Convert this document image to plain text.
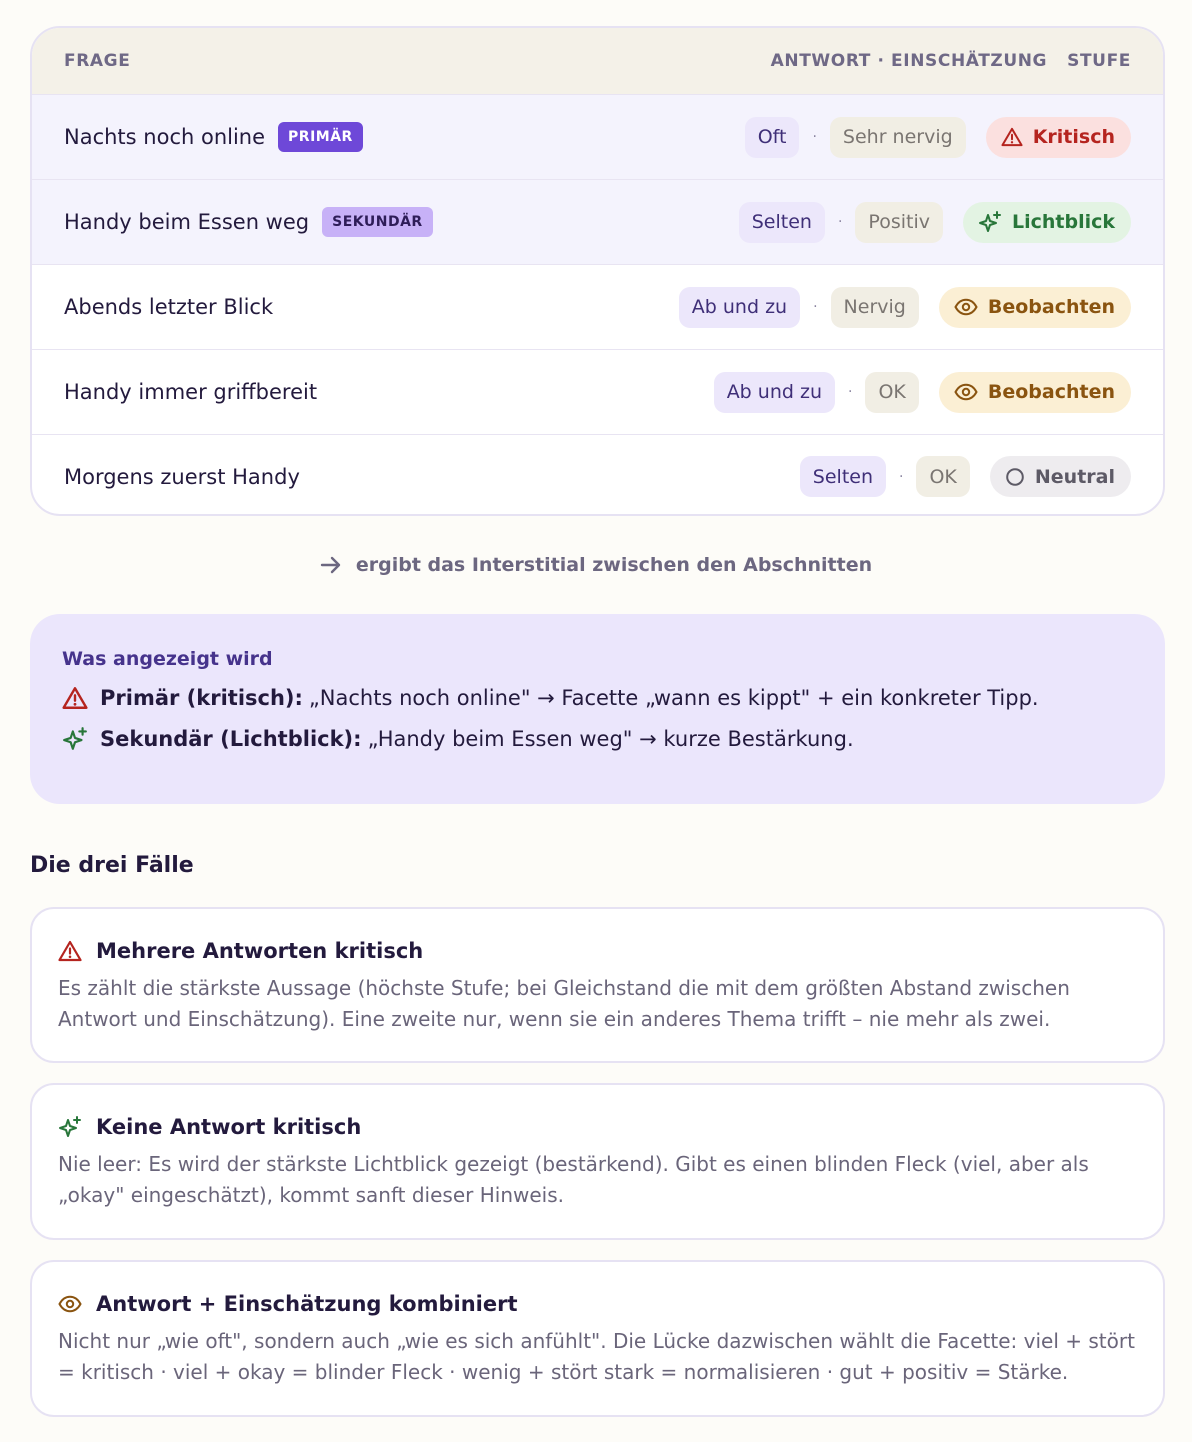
FRAGE	ANTWORT · EINSCHÄTZUNG STUFE
Nachts noch online	PRIMÄR	Oft	·	Sehr nervig	Kritisch
Handy beim Essen weg	SEKUNDÄR	Selten	·	Positiv	Lichtblick
Abends letzter Blick	Ab und zu	·	Nervig	Beobachten
Handy immer griffbereit	Ab und zu	·	OK	Beobachten
Morgens zuerst Handy	Selten	·	OK	Neutral
ergibt das Interstitial zwischen den Abschnitten
Was angezeigt wird
Primär (kritisch): „Nachts noch online" → Facette „wann es kippt" + ein konkreter Tipp.
Sekundär (Lichtblick): „Handy beim Essen weg" → kurze Bestärkung.
Die drei Fälle
Mehrere Antworten kritisch
Es zählt die stärkste Aussage (höchste Stufe; bei Gleichstand die mit dem größten Abstand zwischen Antwort und Einschätzung). Eine zweite nur, wenn sie ein anderes Thema trifft – nie mehr als zwei.
Keine Antwort kritisch
Nie leer: Es wird der stärkste Lichtblick gezeigt (bestärkend). Gibt es einen blinden Fleck (viel, aber als „okay" eingeschätzt), kommt sanft dieser Hinweis.
Antwort + Einschätzung kombiniert
Nicht nur „wie oft", sondern auch „wie es sich anfühlt". Die Lücke dazwischen wählt die Facette: viel + stört = kritisch · viel + okay = blinder Fleck · wenig + stört stark = normalisieren · gut + positiv = Stärke.
